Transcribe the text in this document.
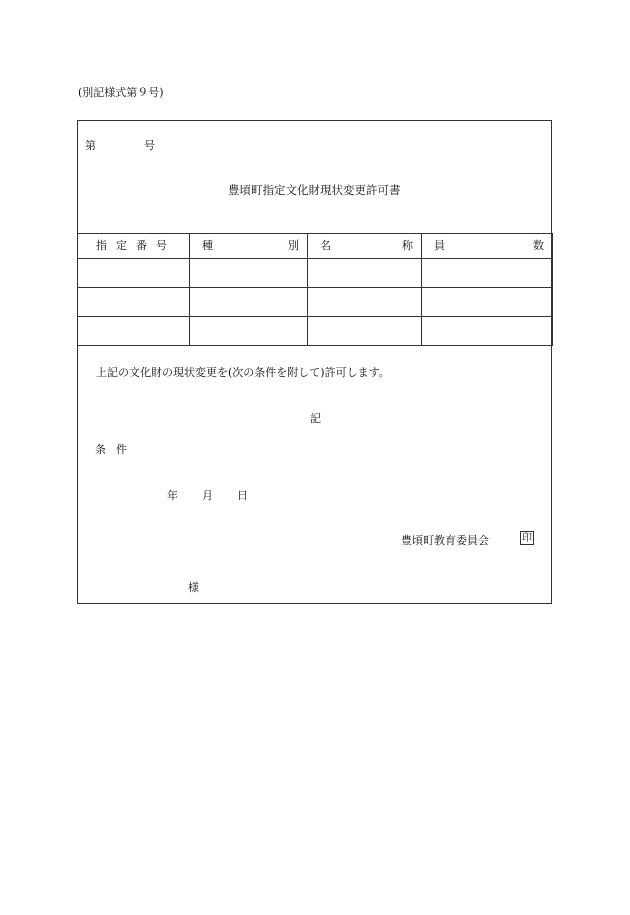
(別記様式第９号)
第	号
豊頃町指定文化財現状変更許可書
指定番号	種 別	名 称	員 数

上記の文化財の現状変更を(次の条件を附して)許可します。
記
条件
年 月 日
豊頃町教育委員会	印
様
